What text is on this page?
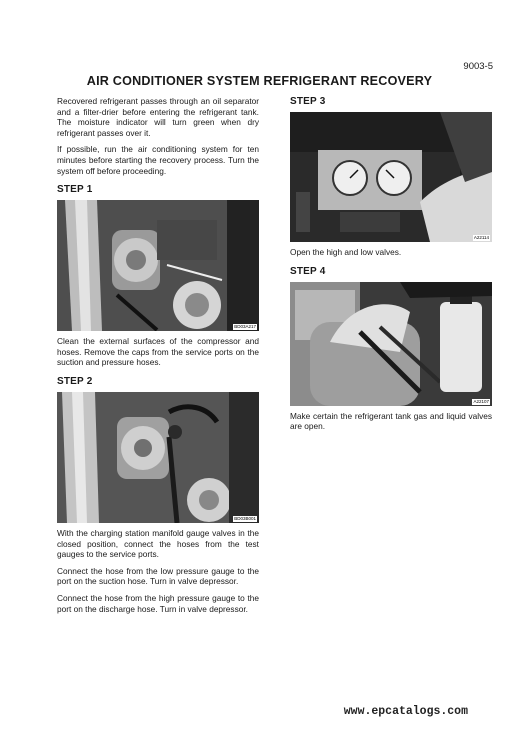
9003-5
AIR CONDITIONER SYSTEM REFRIGERANT RECOVERY

Recovered refrigerant passes through an oil separator and a filter-drier before entering the refrigerant tank. The moisture indicator will turn green when dry refrigerant passes over it.

If possible, run the air conditioning system for ten minutes before starting the recovery process. Turn the system off before proceeding.

STEP 1
BD03A217

Clean the external surfaces of the compressor and hoses. Remove the caps from the service ports on the suction and pressure hoses.

STEP 2
BD03B001

With the charging station manifold gauge valves in the closed position, connect the hoses from the test gauges to the service ports.

Connect the hose from the low pressure gauge to the port on the suction hose. Turn in valve depressor.

Connect the hose from the high pressure gauge to the port on the discharge hose. Turn in valve depressor.

STEP 3
A22114

Open the high and low valves.

STEP 4
A22107

Make certain the refrigerant tank gas and liquid valves are open.

www.epcatalogs.com
